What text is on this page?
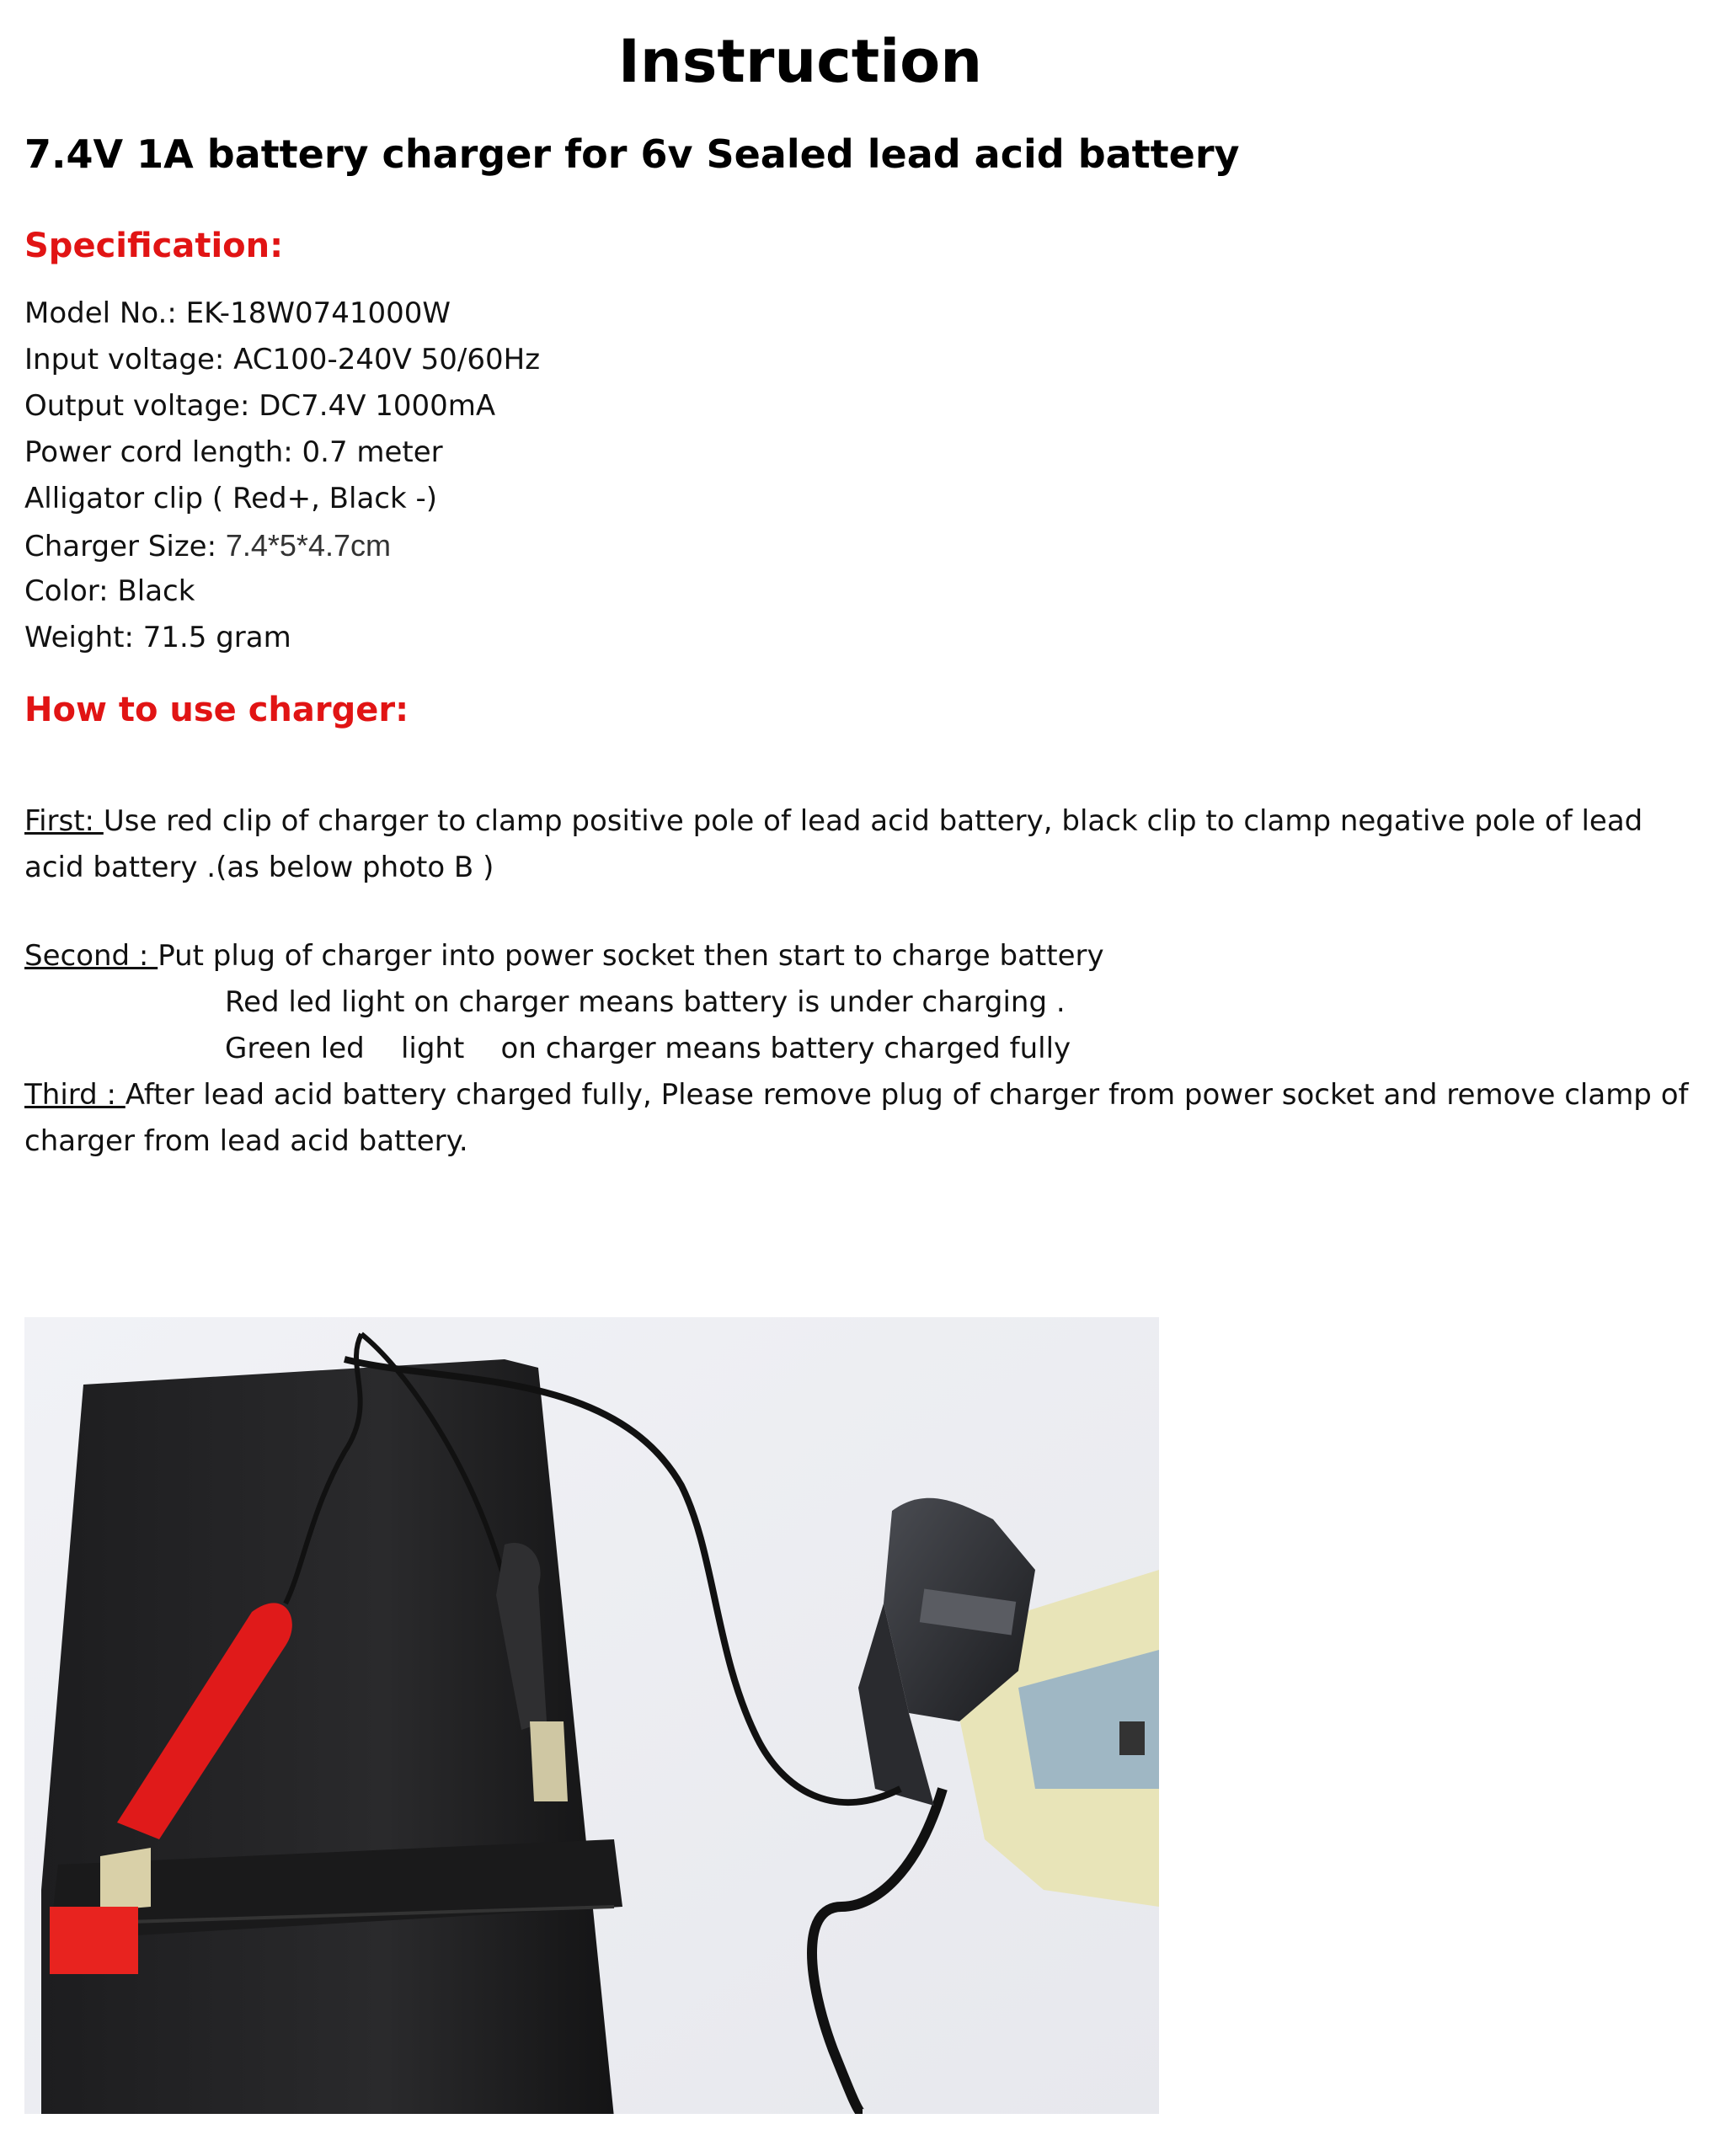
Instruction
7.4V 1A battery charger for 6v Sealed lead acid battery
Specification:
Model No.: EK-18W0741000W
Input voltage: AC100-240V 50/60Hz
Output voltage: DC7.4V 1000mA
Power cord length: 0.7 meter
Alligator clip ( Red+, Black -)
Charger Size: 7.4*5*4.7cm
Color: Black
Weight: 71.5 gram
How to use charger:
First: Use red clip of charger to clamp positive pole of lead acid battery, black clip to clamp negative pole of lead acid battery .(as below photo B )
Second : Put plug of charger into power socket then start to charge battery
Red led light on charger means battery is under charging .
Green led    light    on charger means battery charged fully
Third : After lead acid battery charged fully, Please remove plug of charger from power socket and remove clamp of charger from lead acid battery.
